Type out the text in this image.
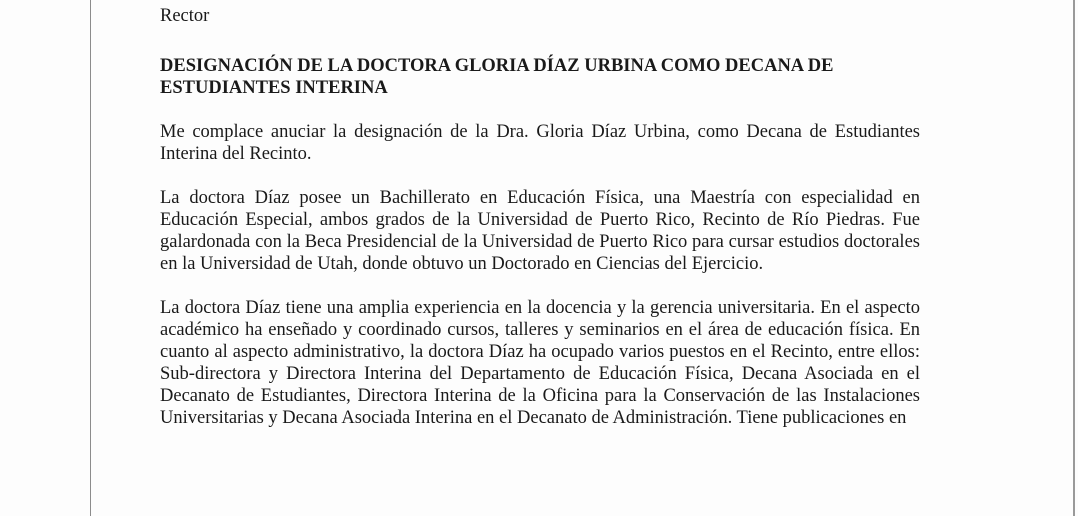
Rector

DESIGNACIÓN DE LA DOCTORA GLORIA DÍAZ URBINA COMO DECANA DE ESTUDIANTES INTERINA

Me complace anuciar la designación de la Dra. Gloria Díaz Urbina, como Decana de Estudiantes Interina del Recinto.

La doctora Díaz posee un Bachillerato en Educación Física, una Maestría con especialidad en Educación Especial, ambos grados de la Universidad de Puerto Rico, Recinto de Río Piedras. Fue galardonada con la Beca Presidencial de la Universidad de Puerto Rico para cursar estudios doctorales en la Universidad de Utah, donde obtuvo un Doctorado en Ciencias del Ejercicio.

La doctora Díaz tiene una amplia experiencia en la docencia y la gerencia universitaria. En el aspecto académico ha enseñado y coordinado cursos, talleres y seminarios en el área de educación física. En cuanto al aspecto administrativo, la doctora Díaz ha ocupado varios puestos en el Recinto, entre ellos: Sub-directora y Directora Interina del Departamento de Educación Física, Decana Asociada en el Decanato de Estudiantes, Directora Interina de la Oficina para la Conservación de las Instalaciones Universitarias y Decana Asociada Interina en el Decanato de Administración. Tiene publicaciones en
